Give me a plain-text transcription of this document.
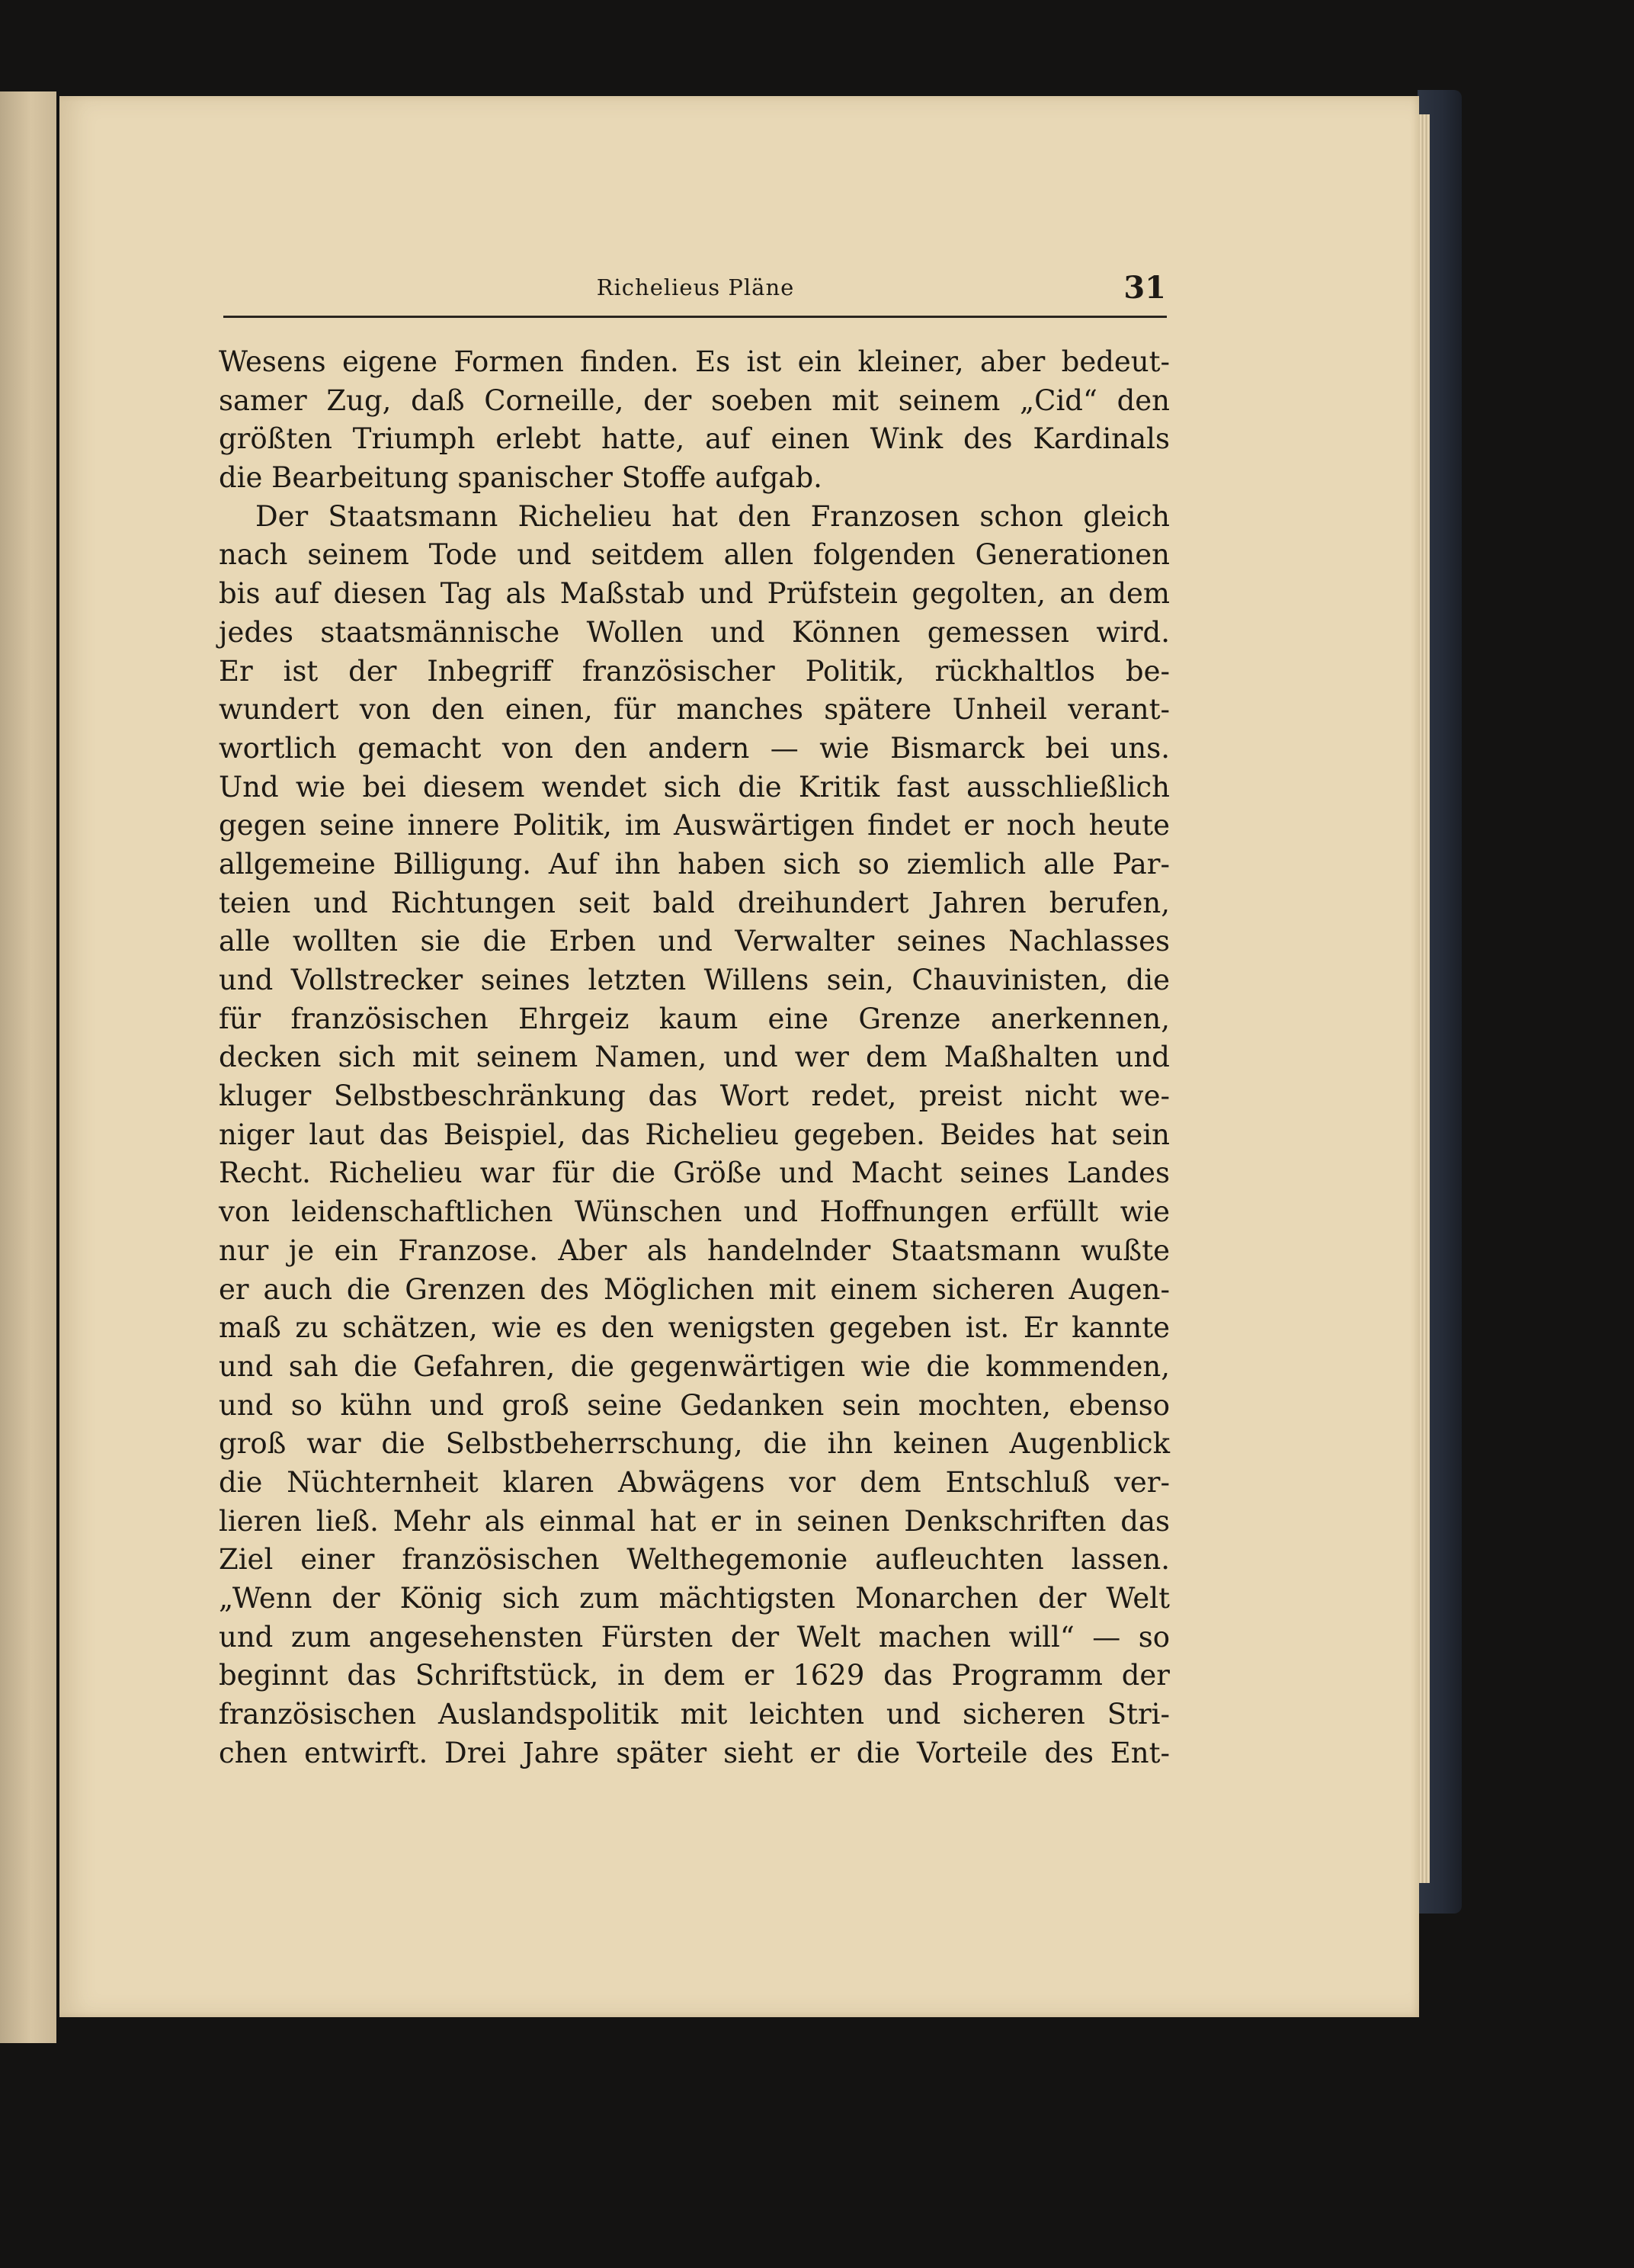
Richelieus Pläne	31
Wesens eigene Formen finden. Es ist ein kleiner, aber bedeut-
samer Zug, daß Corneille, der soeben mit seinem „Cid“ den
größten Triumph erlebt hatte, auf einen Wink des Kardinals
die Bearbeitung spanischer Stoffe aufgab.
Der Staatsmann Richelieu hat den Franzosen schon gleich
nach seinem Tode und seitdem allen folgenden Generationen
bis auf diesen Tag als Maßstab und Prüfstein gegolten, an dem
jedes staatsmännische Wollen und Können gemessen wird.
Er ist der Inbegriff französischer Politik, rückhaltlos be-
wundert von den einen, für manches spätere Unheil verant-
wortlich gemacht von den andern — wie Bismarck bei uns.
Und wie bei diesem wendet sich die Kritik fast ausschließlich
gegen seine innere Politik, im Auswärtigen findet er noch heute
allgemeine Billigung. Auf ihn haben sich so ziemlich alle Par-
teien und Richtungen seit bald dreihundert Jahren berufen,
alle wollten sie die Erben und Verwalter seines Nachlasses
und Vollstrecker seines letzten Willens sein, Chauvinisten, die
für französischen Ehrgeiz kaum eine Grenze anerkennen,
decken sich mit seinem Namen, und wer dem Maßhalten und
kluger Selbstbeschränkung das Wort redet, preist nicht we-
niger laut das Beispiel, das Richelieu gegeben. Beides hat sein
Recht. Richelieu war für die Größe und Macht seines Landes
von leidenschaftlichen Wünschen und Hoffnungen erfüllt wie
nur je ein Franzose. Aber als handelnder Staatsmann wußte
er auch die Grenzen des Möglichen mit einem sicheren Augen-
maß zu schätzen, wie es den wenigsten gegeben ist. Er kannte
und sah die Gefahren, die gegenwärtigen wie die kommenden,
und so kühn und groß seine Gedanken sein mochten, ebenso
groß war die Selbstbeherrschung, die ihn keinen Augenblick
die Nüchternheit klaren Abwägens vor dem Entschluß ver-
lieren ließ. Mehr als einmal hat er in seinen Denkschriften das
Ziel einer französischen Welthegemonie aufleuchten lassen.
„Wenn der König sich zum mächtigsten Monarchen der Welt
und zum angesehensten Fürsten der Welt machen will“ — so
beginnt das Schriftstück, in dem er 1629 das Programm der
französischen Auslandspolitik mit leichten und sicheren Stri-
chen entwirft. Drei Jahre später sieht er die Vorteile des Ent-
